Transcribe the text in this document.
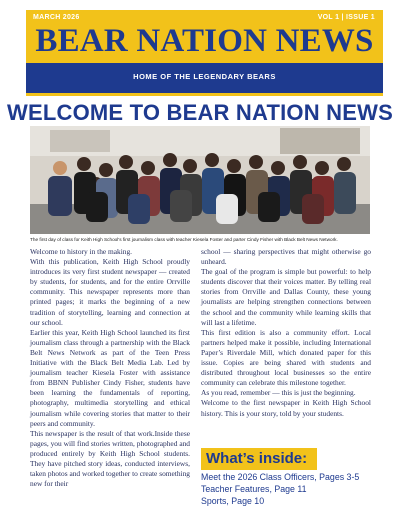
MARCH 2026	VOL 1 | ISSUE 1
BEAR NATION NEWS
HOME OF THE LEGENDARY BEARS
WELCOME TO BEAR NATION NEWS
The first day of class for Keith High School's first journalism class with teacher Kiesela Foster and parter Cindy Fisher with Black Belt News Network.

Welcome to history in the making.

With this publication, Keith High School proudly introduces its very first student newspaper — created by students, for students, and for the entire Orrville community. This newspaper represents more than printed pages; it marks the beginning of a new tradition of storytelling, learning and connection at our school.

Earlier this year, Keith High School launched its first journalism class through a partnership with the Black Belt News Network as part of the Teen Press Initiative with the Black Belt Media Lab. Led by journalism teacher Kiesela Foster with assistance from BBNN Publisher Cindy Fisher, students have been learning the fundamentals of reporting, photography, multimedia storytelling and ethical journalism while covering stories that matter to their peers and community.

This newspaper is the result of that work.Inside these pages, you will find stories written, photographed and produced entirely by Keith High School students. They have pitched story ideas, conducted interviews, taken photos and worked together to create something new for their

school — sharing perspectives that might otherwise go unheard.

The goal of the program is simple but powerful: to help students discover that their voices matter. By telling real stories from Orrville and Dallas County, these young journalists are helping strengthen connections between the school and the community while learning skills that will last a lifetime.

This first edition is also a community effort. Local partners helped make it possible, including International Paper’s Riverdale Mill, which donated paper for this issue. Copies are being shared with students and distributed throughout local businesses so the entire community can celebrate this milestone together.

As you read, remember — this is just the beginning.

Welcome to the first newspaper in Keith High School history. This is your story, told by your students.

What’s inside:
Meet the 2026 Class Officers, Pages 3-5
Teacher Features, Page 11
Sports, Page 10
